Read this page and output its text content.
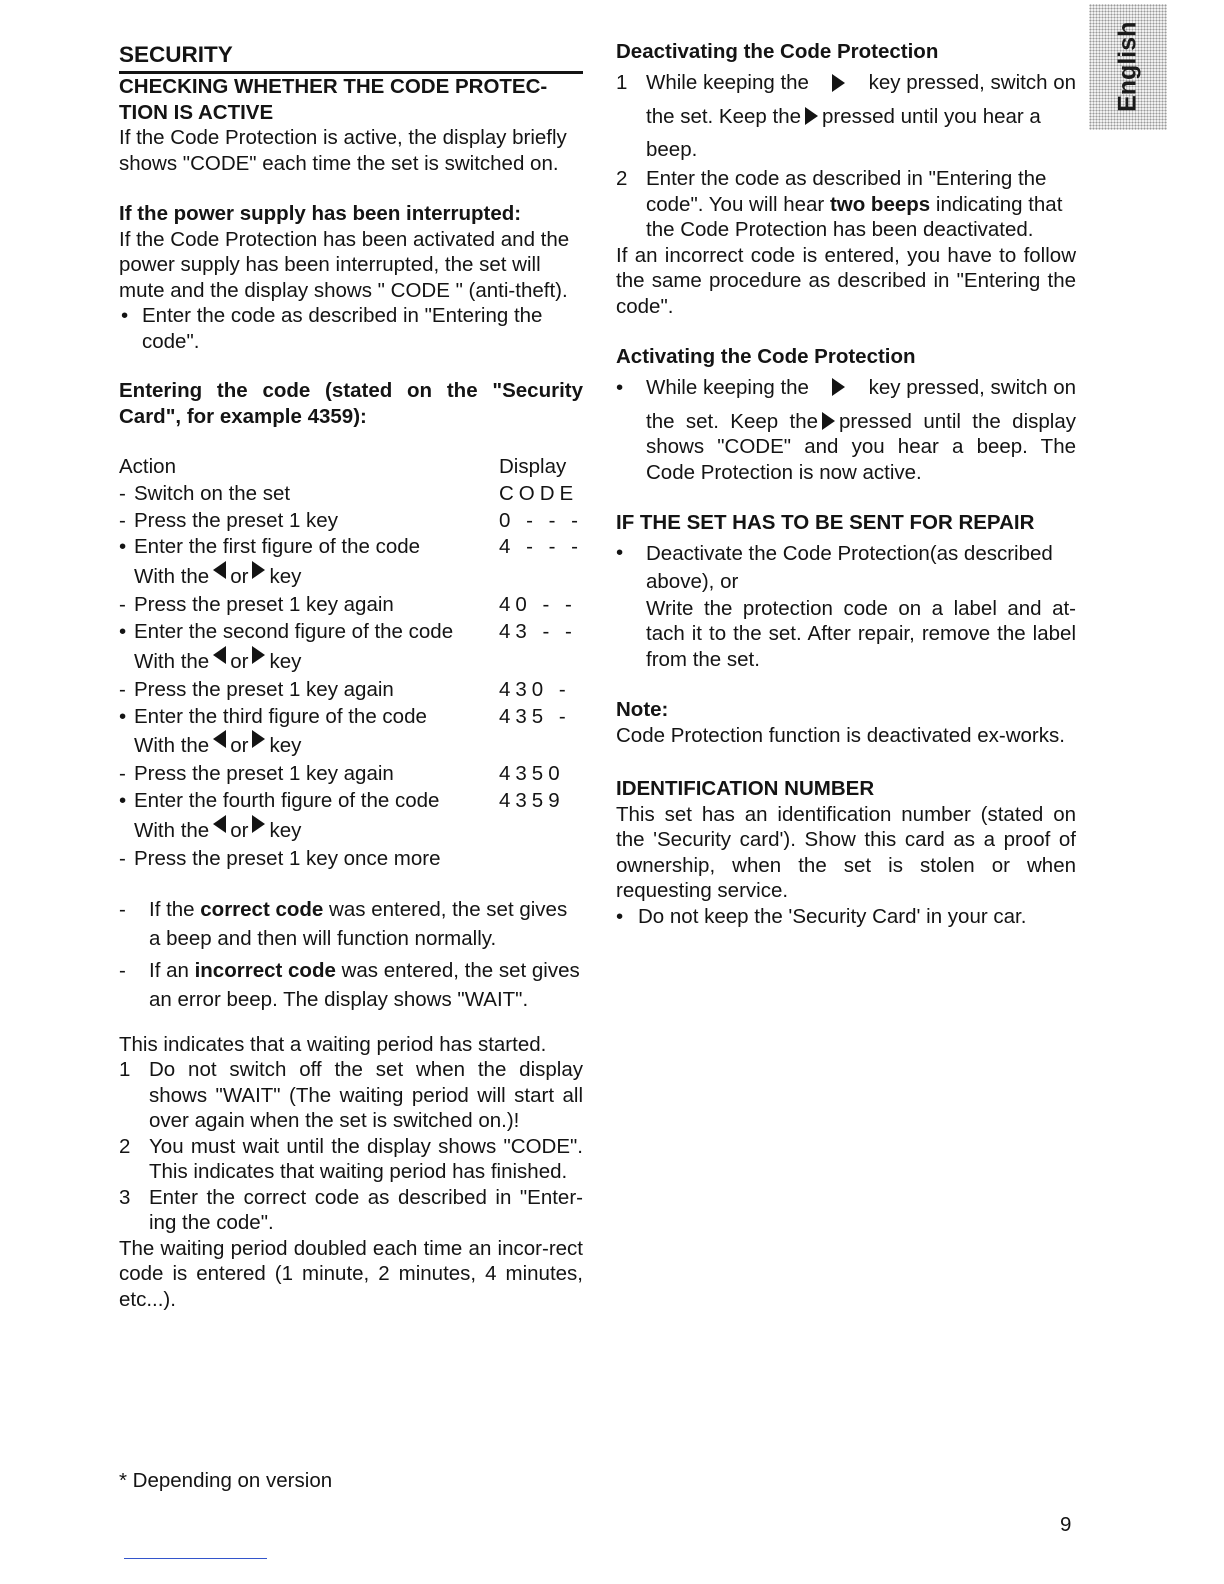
English
SECURITY
CHECKING WHETHER THE CODE PROTEC-
TION IS ACTIVE

If the Code Protection is active, the display briefly shows "CODE" each time the set is switched on.

If the power supply has been interrupted:

If the Code Protection has been activated and the power supply has been interrupted, the set will mute and the display shows " CODE " (anti-theft).

• Enter the code as described in "Entering the code".

Entering the code (stated on the "Security Card", for example 4359):

Action	Display
- Switch on the set	CODE
- Press the preset 1 key	0 - - -
• Enter the first figure of the code	4 - - -
With the or key
- Press the preset 1 key again	40 - -
• Enter the second figure of the code	43 - -
With the or key
- Press the preset 1 key again	430 -
• Enter the third figure of the code	435 -
With the or key
- Press the preset 1 key again	4350
• Enter the fourth figure of the code	4359
With the or key
- Press the preset 1 key once more
-	If the correct code was entered, the set gives a beep and then will function normally.
-	If an incorrect code was entered, the set gives an error beep. The display shows "WAIT".

This indicates that a waiting period has started.

1 Do not switch off the set when the display shows "WAIT" (The waiting period will start all over again when the set is switched on.)!
2 You must wait until the display shows "CODE". This indicates that waiting period has finished.
3 Enter the correct code as described in "Enter-ing the code".

The waiting period doubled each time an incor-rect code is entered (1 minute, 2 minutes, 4 minutes, etc...).

Deactivating the Code Protection

1 While keeping the	key pressed, switch on
the set. Keep the pressed until you hear a beep.
2 Enter the code as described in "Entering the code". You will hear two beeps indicating that the Code Protection has been deactivated.

If an incorrect code is entered, you have to follow the same procedure as described in "Entering the code".

Activating the Code Protection

•	While keeping the	key pressed, switch on
the set. Keep the pressed until the display shows "CODE" and you hear a beep. The Code Protection is now active.

IF THE SET HAS TO BE SENT FOR REPAIR

•	Deactivate the Code Protection(as described above), or
Write the protection code on a label and at-tach it to the set. After repair, remove the label from the set.

Note:

Code Protection function is deactivated ex-works.

IDENTIFICATION NUMBER

This set has an identification number (stated on the 'Security card'). Show this card as a proof of ownership, when the set is stolen or when requesting service.

• Do not keep the 'Security Card' in your car.
* Depending on version
9
